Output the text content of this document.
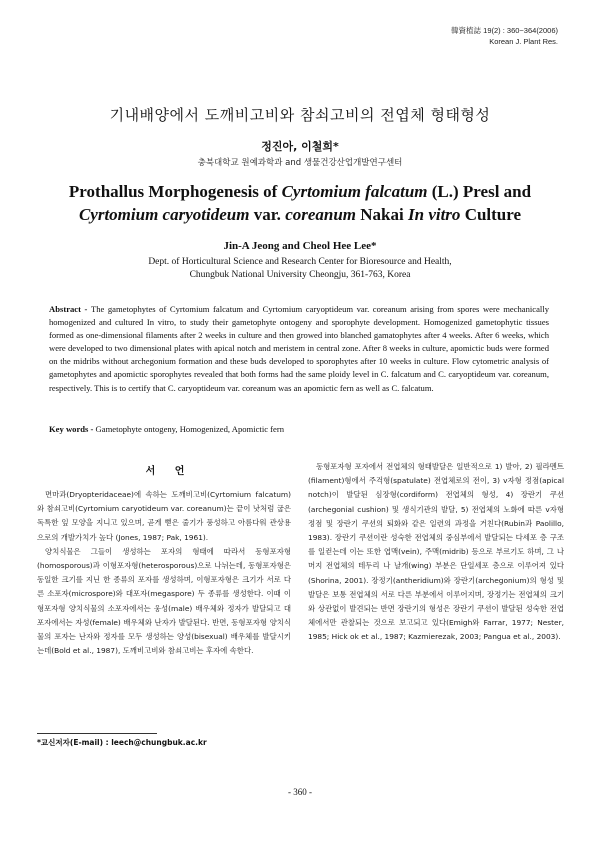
韓資植誌 19(2) : 360~364(2006)
Korean J. Plant Res.
기내배양에서 도깨비고비와 참쇠고비의 전엽체 형태형성
정진아, 이철희*
충북대학교 원예과학과 and 생물건강산업개발연구센터
Prothallus Morphogenesis of Cyrtomium falcatum (L.) Presl and
Cyrtomium caryotideum var. coreanum Nakai In vitro Culture
Jin-A Jeong and Cheol Hee Lee*
Dept. of Horticultural Science and Research Center for Bioresource and Health,
Chungbuk National University Cheongju, 361-763, Korea
Abstract - The gametophytes of Cyrtomium falcatum and Cyrtomium caryoptideum var. coreanum arising from spores were mechanically homogenized and cultured In vitro, to study their gametophyte ontogeny and sporophyte development. Homogenized gametophytic tissues formed as one-dimensional filaments after 2 weeks in culture and then growed into blanched gamatophytes after 4 weeks. After 6 weeks, which were developed to two dimensional plates with apical notch and meristem in central zone. After 8 weeks in culture, apomictic buds were formed on the midribs without archegonium formation and these buds developed to sporophytes after 10 weeks in culture. Flow cytometric analysis of gametophytes and apomictic sporophytes revealed that both forms had the same ploidy level in C. falcatum and C. caryoptideum var. coreanum, respectively. This is to certify that C. caryoptideum var. coreanum was an apomictic fern as well as C. falcatum.
Key words - Gametophyte ontogeny, Homogenized, Apomictic fern
서 언

면마과(Dryopteridaceae)에 속하는 도깨비고비(Cyrtomium falcatum)와 참쇠고비(Cyrtomium caryotideum var. coreanum)는 끝이 낫처럼 굽은 독특한 잎 모양을 지니고 있으며, 곧게 뻗은 줄기가 풍성하고 아름다워 관상용으로의 개발가치가 높다 (Jones, 1987; Pak, 1961).

양치식물은 그들이 생성하는 포자의 형태에 따라서 동형포자형(homosporous)과 이형포자형(heterosporous)으로 나뉘는데, 동형포자형은 동일한 크기를 지닌 한 종류의 포자를 생성하며, 이형포자형은 크기가 서로 다른 소포자(microspore)와 대포자(megaspore) 두 종류를 생성한다. 이때 이형포자형 양치식물의 소포자에서는 웅성(male) 배우체와 정자가 발달되고 대포자에서는 자성(female) 배우체와 난자가 발달된다. 반면, 동형포자형 양치식물의 포자는 난자와 정자를 모두 생성하는 양성(bisexual) 배우체를 발달시키는데(Bold et al., 1987), 도깨비고비와 참쇠고비는 후자에 속한다.

동형포자형 포자에서 전엽체의 형태발달은 일반적으로 1) 발아, 2) 필라멘트(filament)형에서 주걱형(spatulate) 전엽체로의 전이, 3) v자형 정점(apical notch)이 발달된 심장형(cordiform) 전엽체의 형성, 4) 장란기 쿠션(archegonial cushion) 및 생식기관의 발달, 5) 전엽체의 노화에 따른 v자형 정점 및 장란기 쿠션의 퇴화와 같은 일련의 과정을 거친다(Rubin과 Paolillo, 1983). 장란기 쿠션이란 성숙한 전엽체의 중심부에서 발달되는 다세포 층 구조를 일컫는데 이는 또한 엽맥(vein), 주맥(midrib) 등으로 부르기도 하며, 그 나머지 전엽체의 테두리 나 날개(wing) 부분은 단일세포 층으로 이루어져 있다(Shorina, 2001). 장정기(antheridium)와 장란기(archegonium)의 형성 및 발달은 보통 전엽체의 서로 다른 부분에서 이루어지며, 장정기는 전엽체의 크기와 상관없이 발견되는 반면 장란기의 형성은 장란기 쿠션이 발달된 성숙한 전엽체에서만 관찰되는 것으로 보고되고 있다(Emigh와 Farrar, 1977; Nester, 1985; Hick ok et al., 1987; Kazmierezak, 2003; Pangua et al., 2003).

*교신저자(E-mail) : leech@chungbuk.ac.kr
- 360 -
